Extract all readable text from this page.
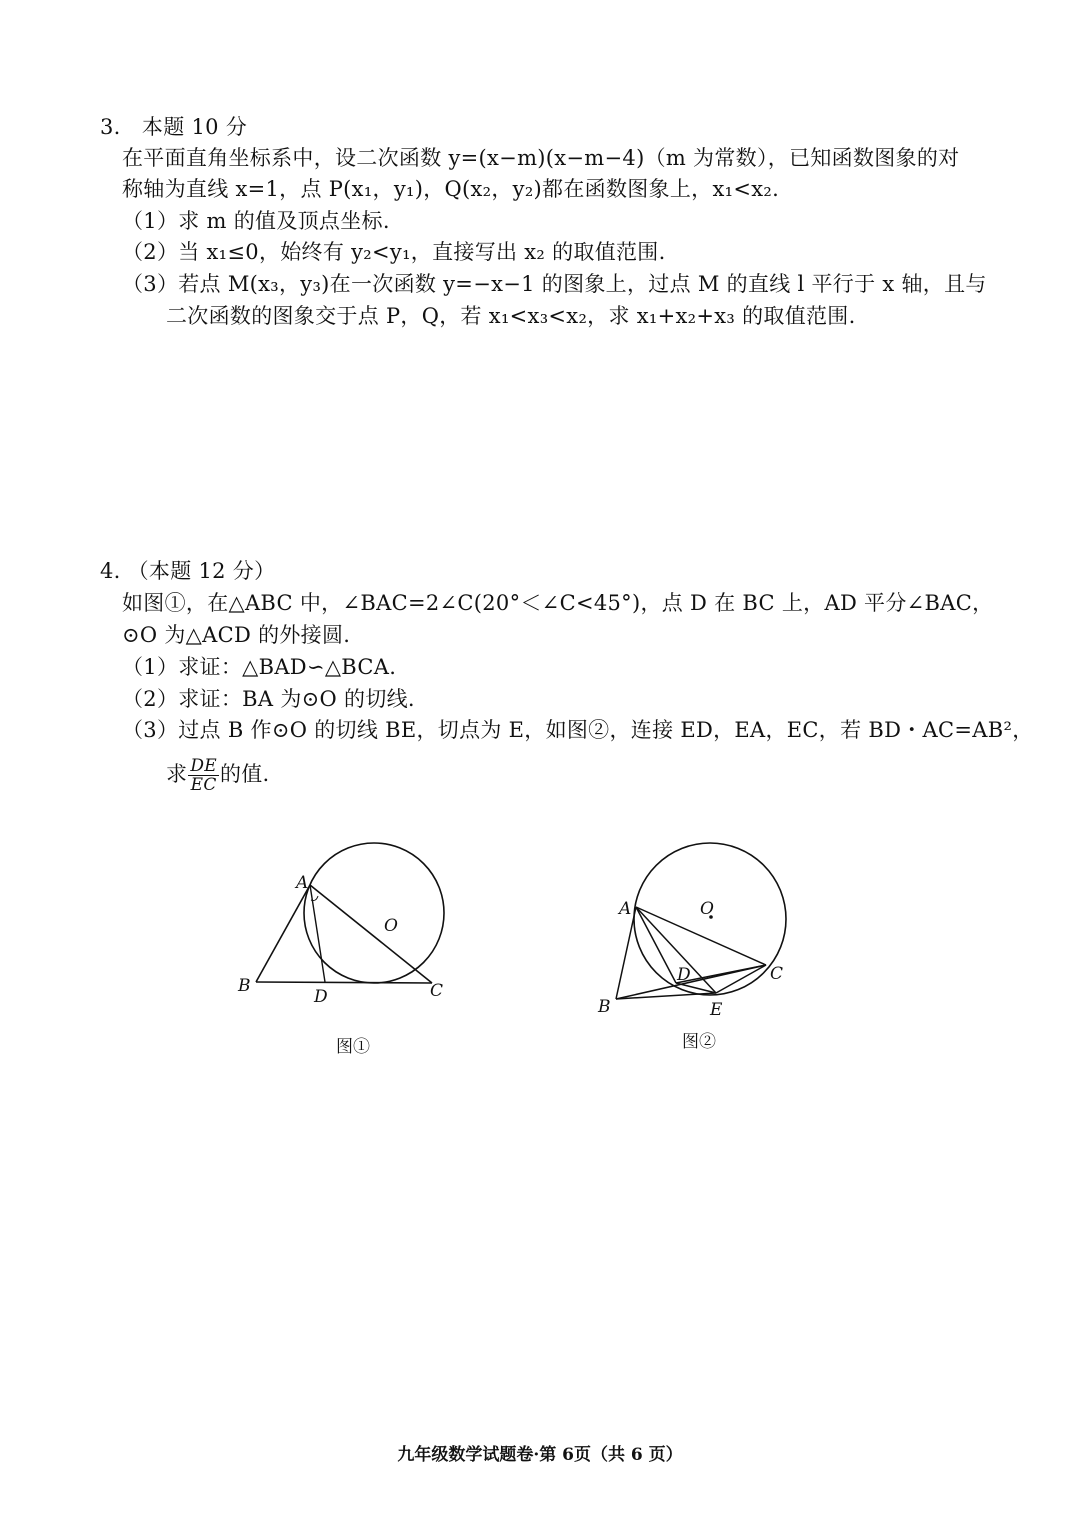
3.　本题 10 分
在平面直角坐标系中，设二次函数 y=(x−m)(x−m−4)（m 为常数），已知函数图象的对
称轴为直线 x=1，点 P(x₁，y₁)，Q(x₂，y₂)都在函数图象上，x₁<x₂.
（1）求 m 的值及顶点坐标.
（2）当 x₁≤0，始终有 y₂<y₁，直接写出 x₂ 的取值范围.
（3）若点 M(x₃，y₃)在一次函数 y=−x−1 的图象上，过点 M 的直线 l 平行于 x 轴，且与
二次函数的图象交于点 P，Q，若 x₁<x₃<x₂，求 x₁+x₂+x₃ 的取值范围.
4. （本题 12 分）
如图①，在△ABC 中，∠BAC=2∠C(20°＜∠C<45°)，点 D 在 BC 上，AD 平分∠BAC，
⊙O 为△ACD 的外接圆.
（1）求证：△BAD∽△BCA.
（2）求证：BA 为⊙O 的切线.
（3）过点 B 作⊙O 的切线 BE，切点为 E，如图②，连接 ED，EA，EC，若 BD・AC=AB²，
求 $\frac{DE}{EC}$ 的值.
A
B	C
D
O
图①
A
B
C
D
E
O
图②
九年级数学试题卷·第 6页（共 6 页）
